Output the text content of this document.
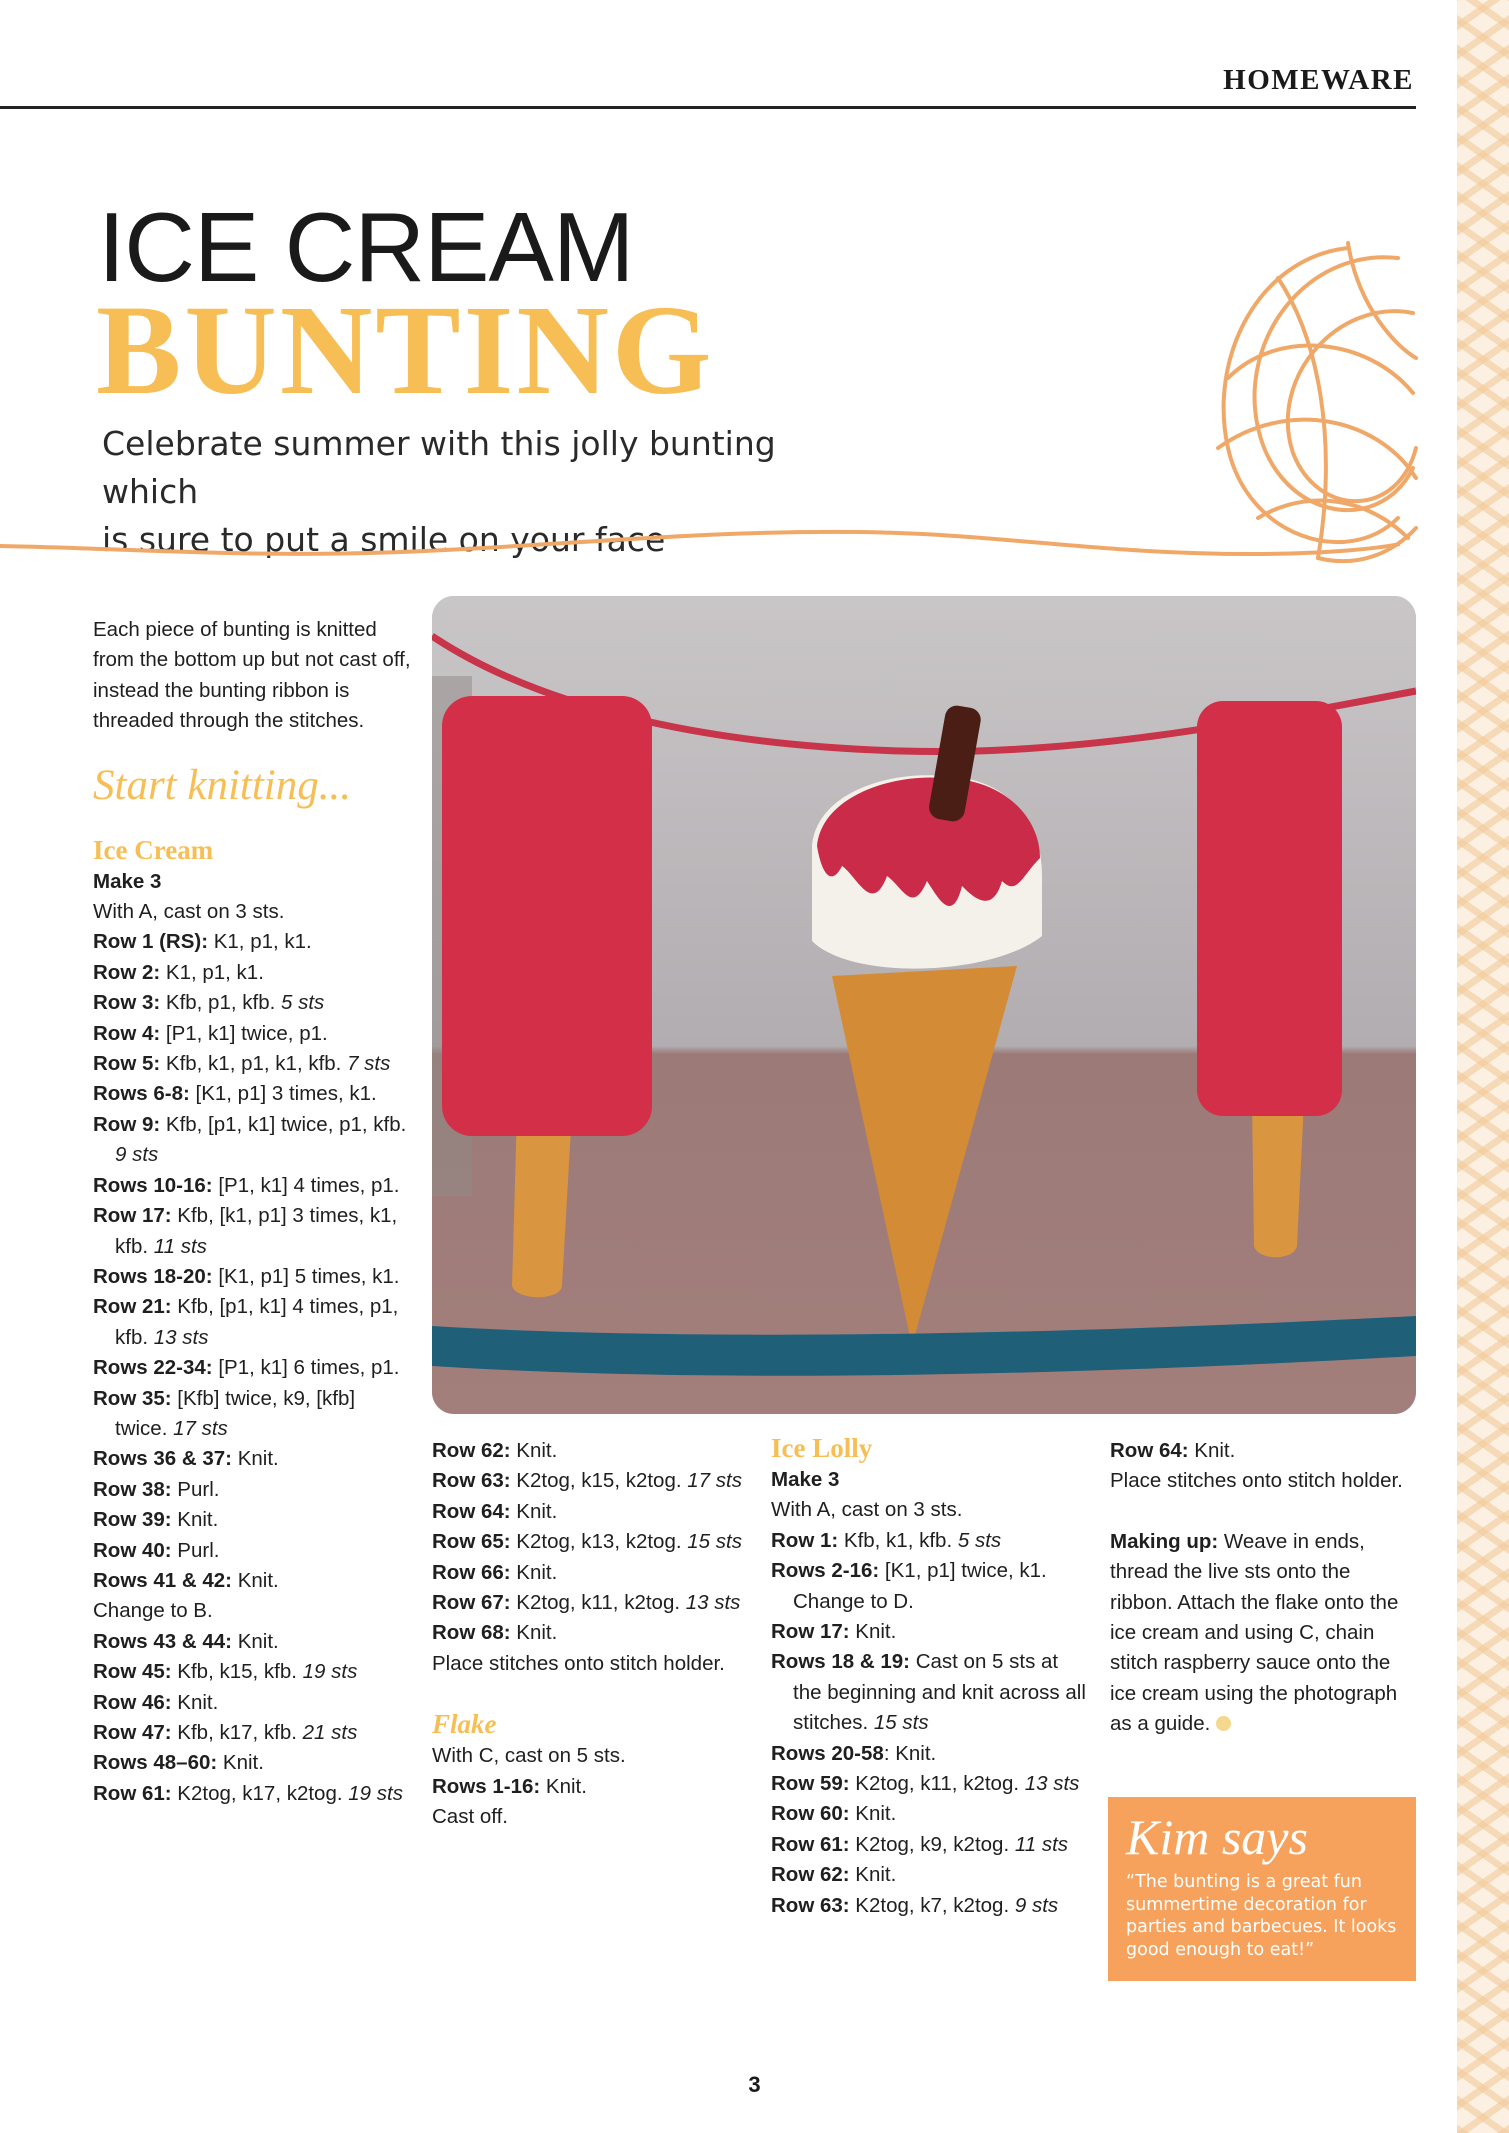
HOMEWARE
ICE CREAM
BUNTING

Celebrate summer with this jolly bunting which
is sure to put a smile on your face

Each piece of bunting is knitted from the bottom up but not cast off, instead the bunting ribbon is threaded through the stitches.

Start knitting...

Ice Cream

Make 3
With A, cast on 3 sts.
Row 1 (RS): K1, p1, k1.
Row 2: K1, p1, k1.
Row 3: Kfb, p1, kfb. 5 sts
Row 4: [P1, k1] twice, p1.
Row 5: Kfb, k1, p1, k1, kfb. 7 sts
Rows 6-8: [K1, p1] 3 times, k1.
Row 9: Kfb, [p1, k1] twice, p1, kfb. 9 sts
Rows 10-16: [P1, k1] 4 times, p1.
Row 17: Kfb, [k1, p1] 3 times, k1, kfb. 11 sts
Rows 18-20: [K1, p1] 5 times, k1.
Row 21: Kfb, [p1, k1] 4 times, p1, kfb. 13 sts
Rows 22-34: [P1, k1] 6 times, p1.
Row 35: [Kfb] twice, k9, [kfb] twice. 17 sts
Rows 36 & 37: Knit.
Row 38: Purl.
Row 39: Knit.
Row 40: Purl.
Rows 41 & 42: Knit.
Change to B.
Rows 43 & 44: Knit.
Row 45: Kfb, k15, kfb. 19 sts
Row 46: Knit.
Row 47: Kfb, k17, kfb. 21 sts
Rows 48–60: Knit.
Row 61: K2tog, k17, k2tog. 19 sts
Row 62: Knit.
Row 63: K2tog, k15, k2tog. 17 sts
Row 64: Knit.
Row 65: K2tog, k13, k2tog. 15 sts
Row 66: Knit.
Row 67: K2tog, k11, k2tog. 13 sts
Row 68: Knit.
Place stitches onto stitch holder.

Flake

With C, cast on 5 sts.
Rows 1-16: Knit.
Cast off.

Ice Lolly

Make 3
With A, cast on 3 sts.
Row 1: Kfb, k1, kfb. 5 sts
Rows 2-16: [K1, p1] twice, k1. Change to D.
Row 17: Knit.
Rows 18 & 19: Cast on 5 sts at the beginning and knit across all stitches. 15 sts
Rows 20-58: Knit.
Row 59: K2tog, k11, k2tog. 13 sts
Row 60: Knit.
Row 61: K2tog, k9, k2tog. 11 sts
Row 62: Knit.
Row 63: K2tog, k7, k2tog. 9 sts
Row 64: Knit.
Place stitches onto stitch holder.
Making up: Weave in ends, thread the live sts onto the ribbon. Attach the flake onto the ice cream and using C, chain stitch raspberry sauce onto the ice cream using the photograph as a guide.

Kim says

“The bunting is a great fun summertime decoration for parties and barbecues. It looks good enough to eat!”

3
